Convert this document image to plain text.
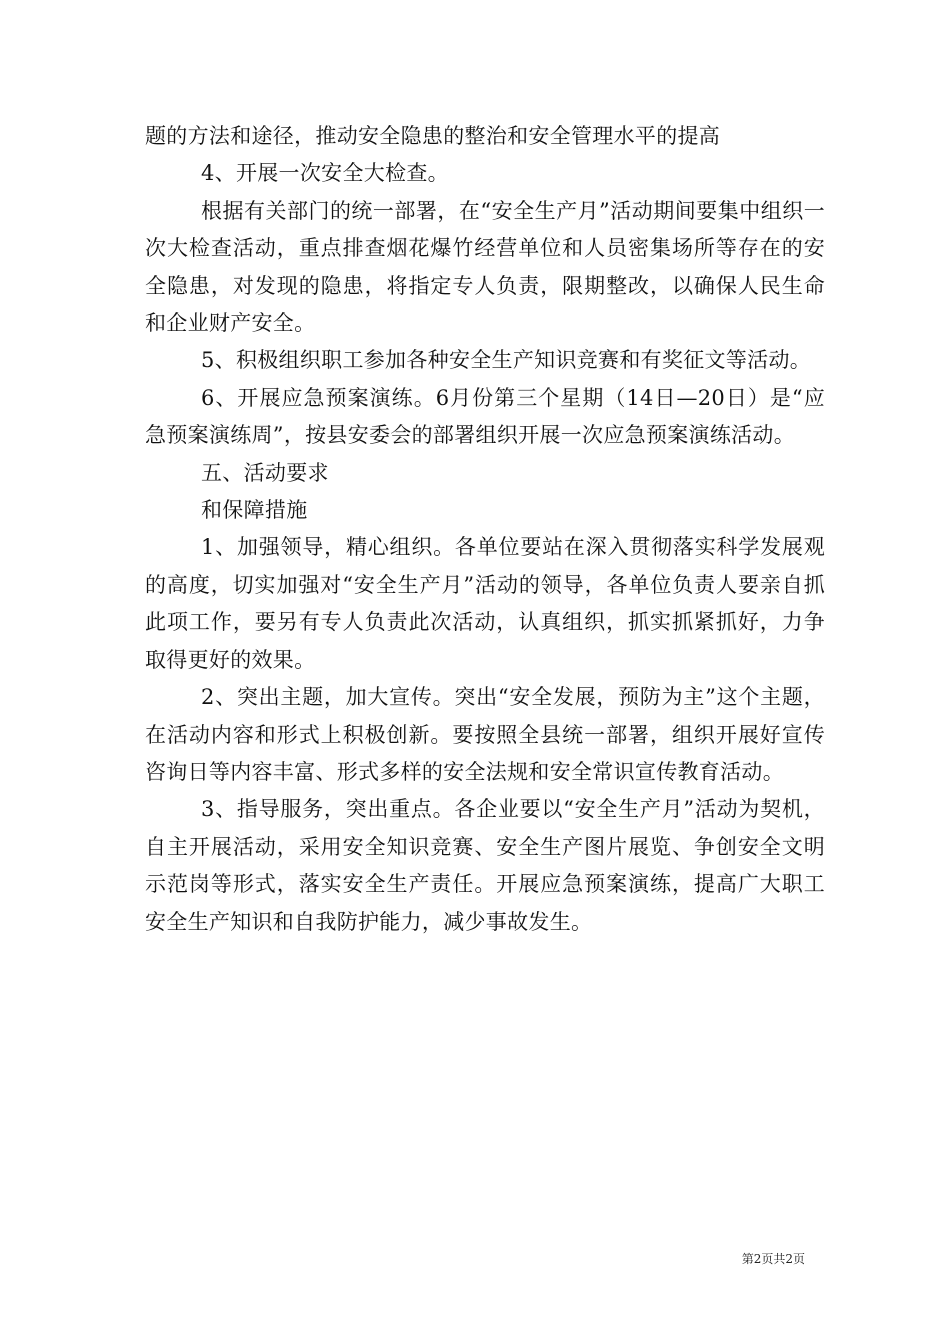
题的方法和途径，推动安全隐患的整治和安全管理水平的提高

4、开展一次安全大检查。

根据有关部门的统一部署，在“安全生产月”活动期间要集中组织一次大检查活动，重点排查烟花爆竹经营单位和人员密集场所等存在的安全隐患，对发现的隐患，将指定专人负责，限期整改，以确保人民生命和企业财产安全。

5、积极组织职工参加各种安全生产知识竞赛和有奖征文等活动。

6、开展应急预案演练。6月份第三个星期（14日—20日）是“应急预案演练周”，按县安委会的部署组织开展一次应急预案演练活动。

五、活动要求

和保障措施

1、加强领导，精心组织。各单位要站在深入贯彻落实科学发展观的高度，切实加强对“安全生产月”活动的领导，各单位负责人要亲自抓此项工作，要另有专人负责此次活动，认真组织，抓实抓紧抓好，力争取得更好的效果。

2、突出主题，加大宣传。突出“安全发展，预防为主”这个主题，在活动内容和形式上积极创新。要按照全县统一部署，组织开展好宣传咨询日等内容丰富、形式多样的安全法规和安全常识宣传教育活动。

3、指导服务，突出重点。各企业要以“安全生产月”活动为契机，自主开展活动，采用安全知识竞赛、安全生产图片展览、争创安全文明示范岗等形式，落实安全生产责任。开展应急预案演练，提高广大职工安全生产知识和自我防护能力，减少事故发生。

第2页共2页
